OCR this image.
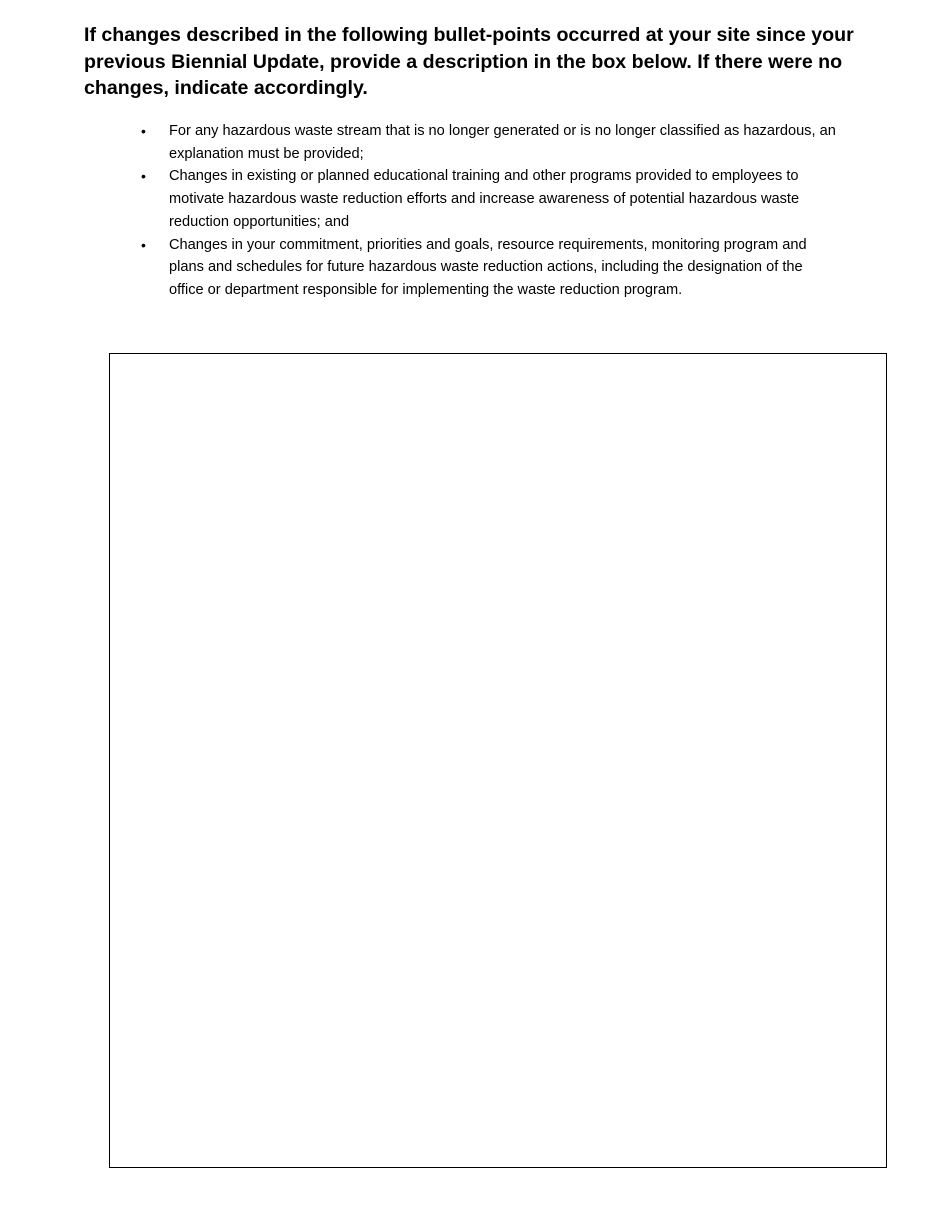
If changes described in the following bullet-points occurred at your site since your previous Biennial Update, provide a description in the box below. If there were no changes, indicate accordingly.
•	For any hazardous waste stream that is no longer generated or is no longer classified as hazardous, an explanation must be provided;
•	Changes in existing or planned educational training and other programs provided to employees to motivate hazardous waste reduction efforts and increase awareness of potential hazardous waste reduction opportunities; and
•	Changes in your commitment, priorities and goals, resource requirements, monitoring program and plans and schedules for future hazardous waste reduction actions, including the designation of the office or department responsible for implementing the waste reduction program.
